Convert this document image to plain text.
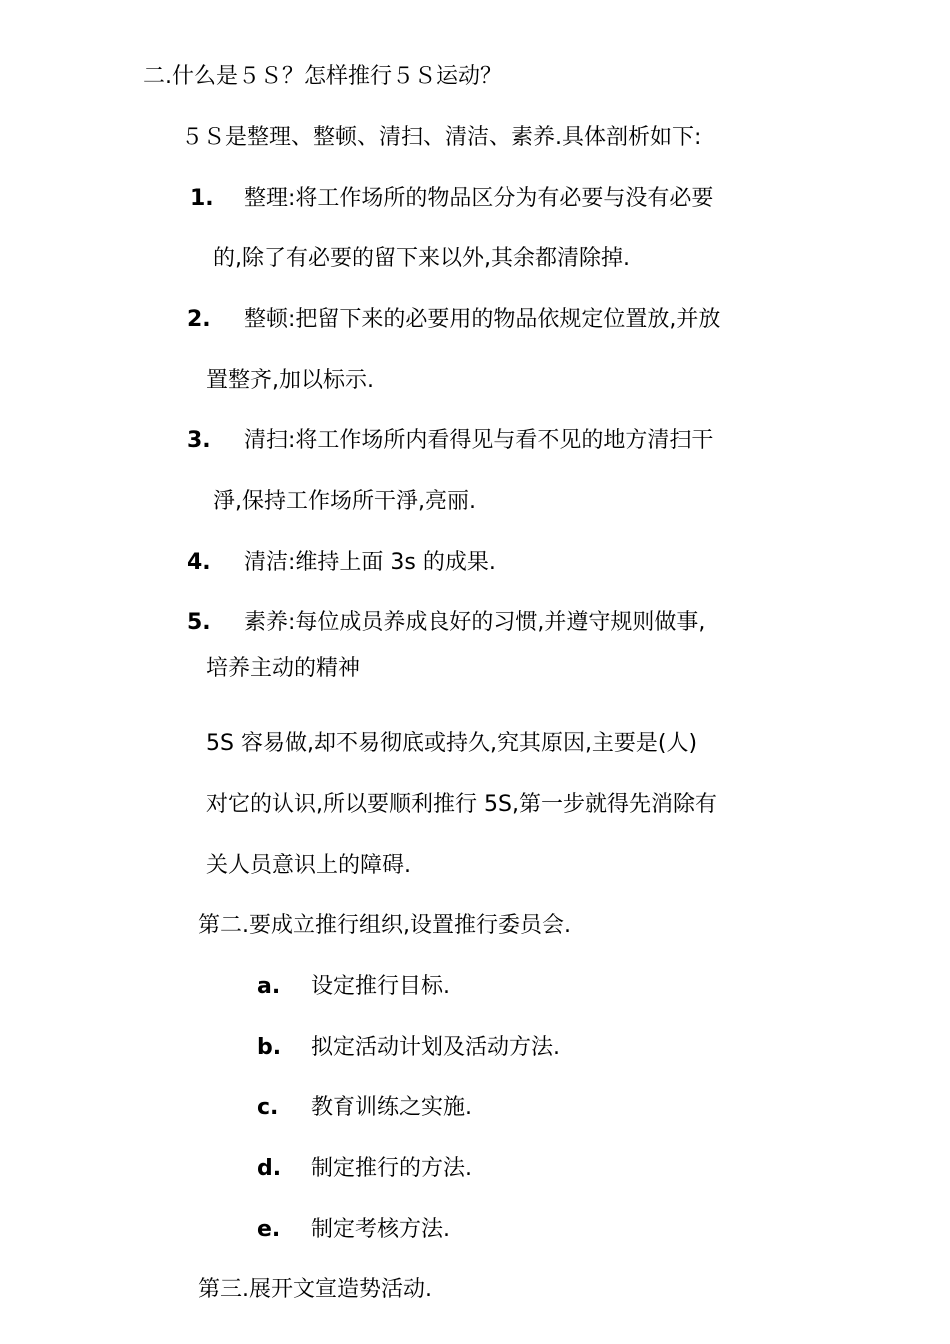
二.什么是５Ｓ？怎样推行５Ｓ运动？
５Ｓ是整理、整顿、清扫、清洁、素养.具体剖析如下:
1. 整理:将工作场所的物品区分为有必要与没有必要
的,除了有必要的留下来以外,其余都清除掉.
2. 整顿:把留下来的必要用的物品依规定位置放,并放
置整齐,加以标示.
3. 清扫:将工作场所内看得见与看不见的地方清扫干
淨,保持工作场所干淨,亮丽.
4. 清洁:维持上面 3s 的成果.
5. 素养:每位成员养成良好的习惯,并遵守规则做事,
培养主动的精神
5S 容易做,却不易彻底或持久,究其原因,主要是(人)
对它的认识,所以要顺利推行 5S,第一步就得先消除有
关人员意识上的障碍.
第二.要成立推行组织,设置推行委员会.
a. 设定推行目标.
b. 拟定活动计划及活动方法.
c. 教育训练之实施.
d. 制定推行的方法.
e. 制定考核方法.
第三.展开文宣造势活动.
